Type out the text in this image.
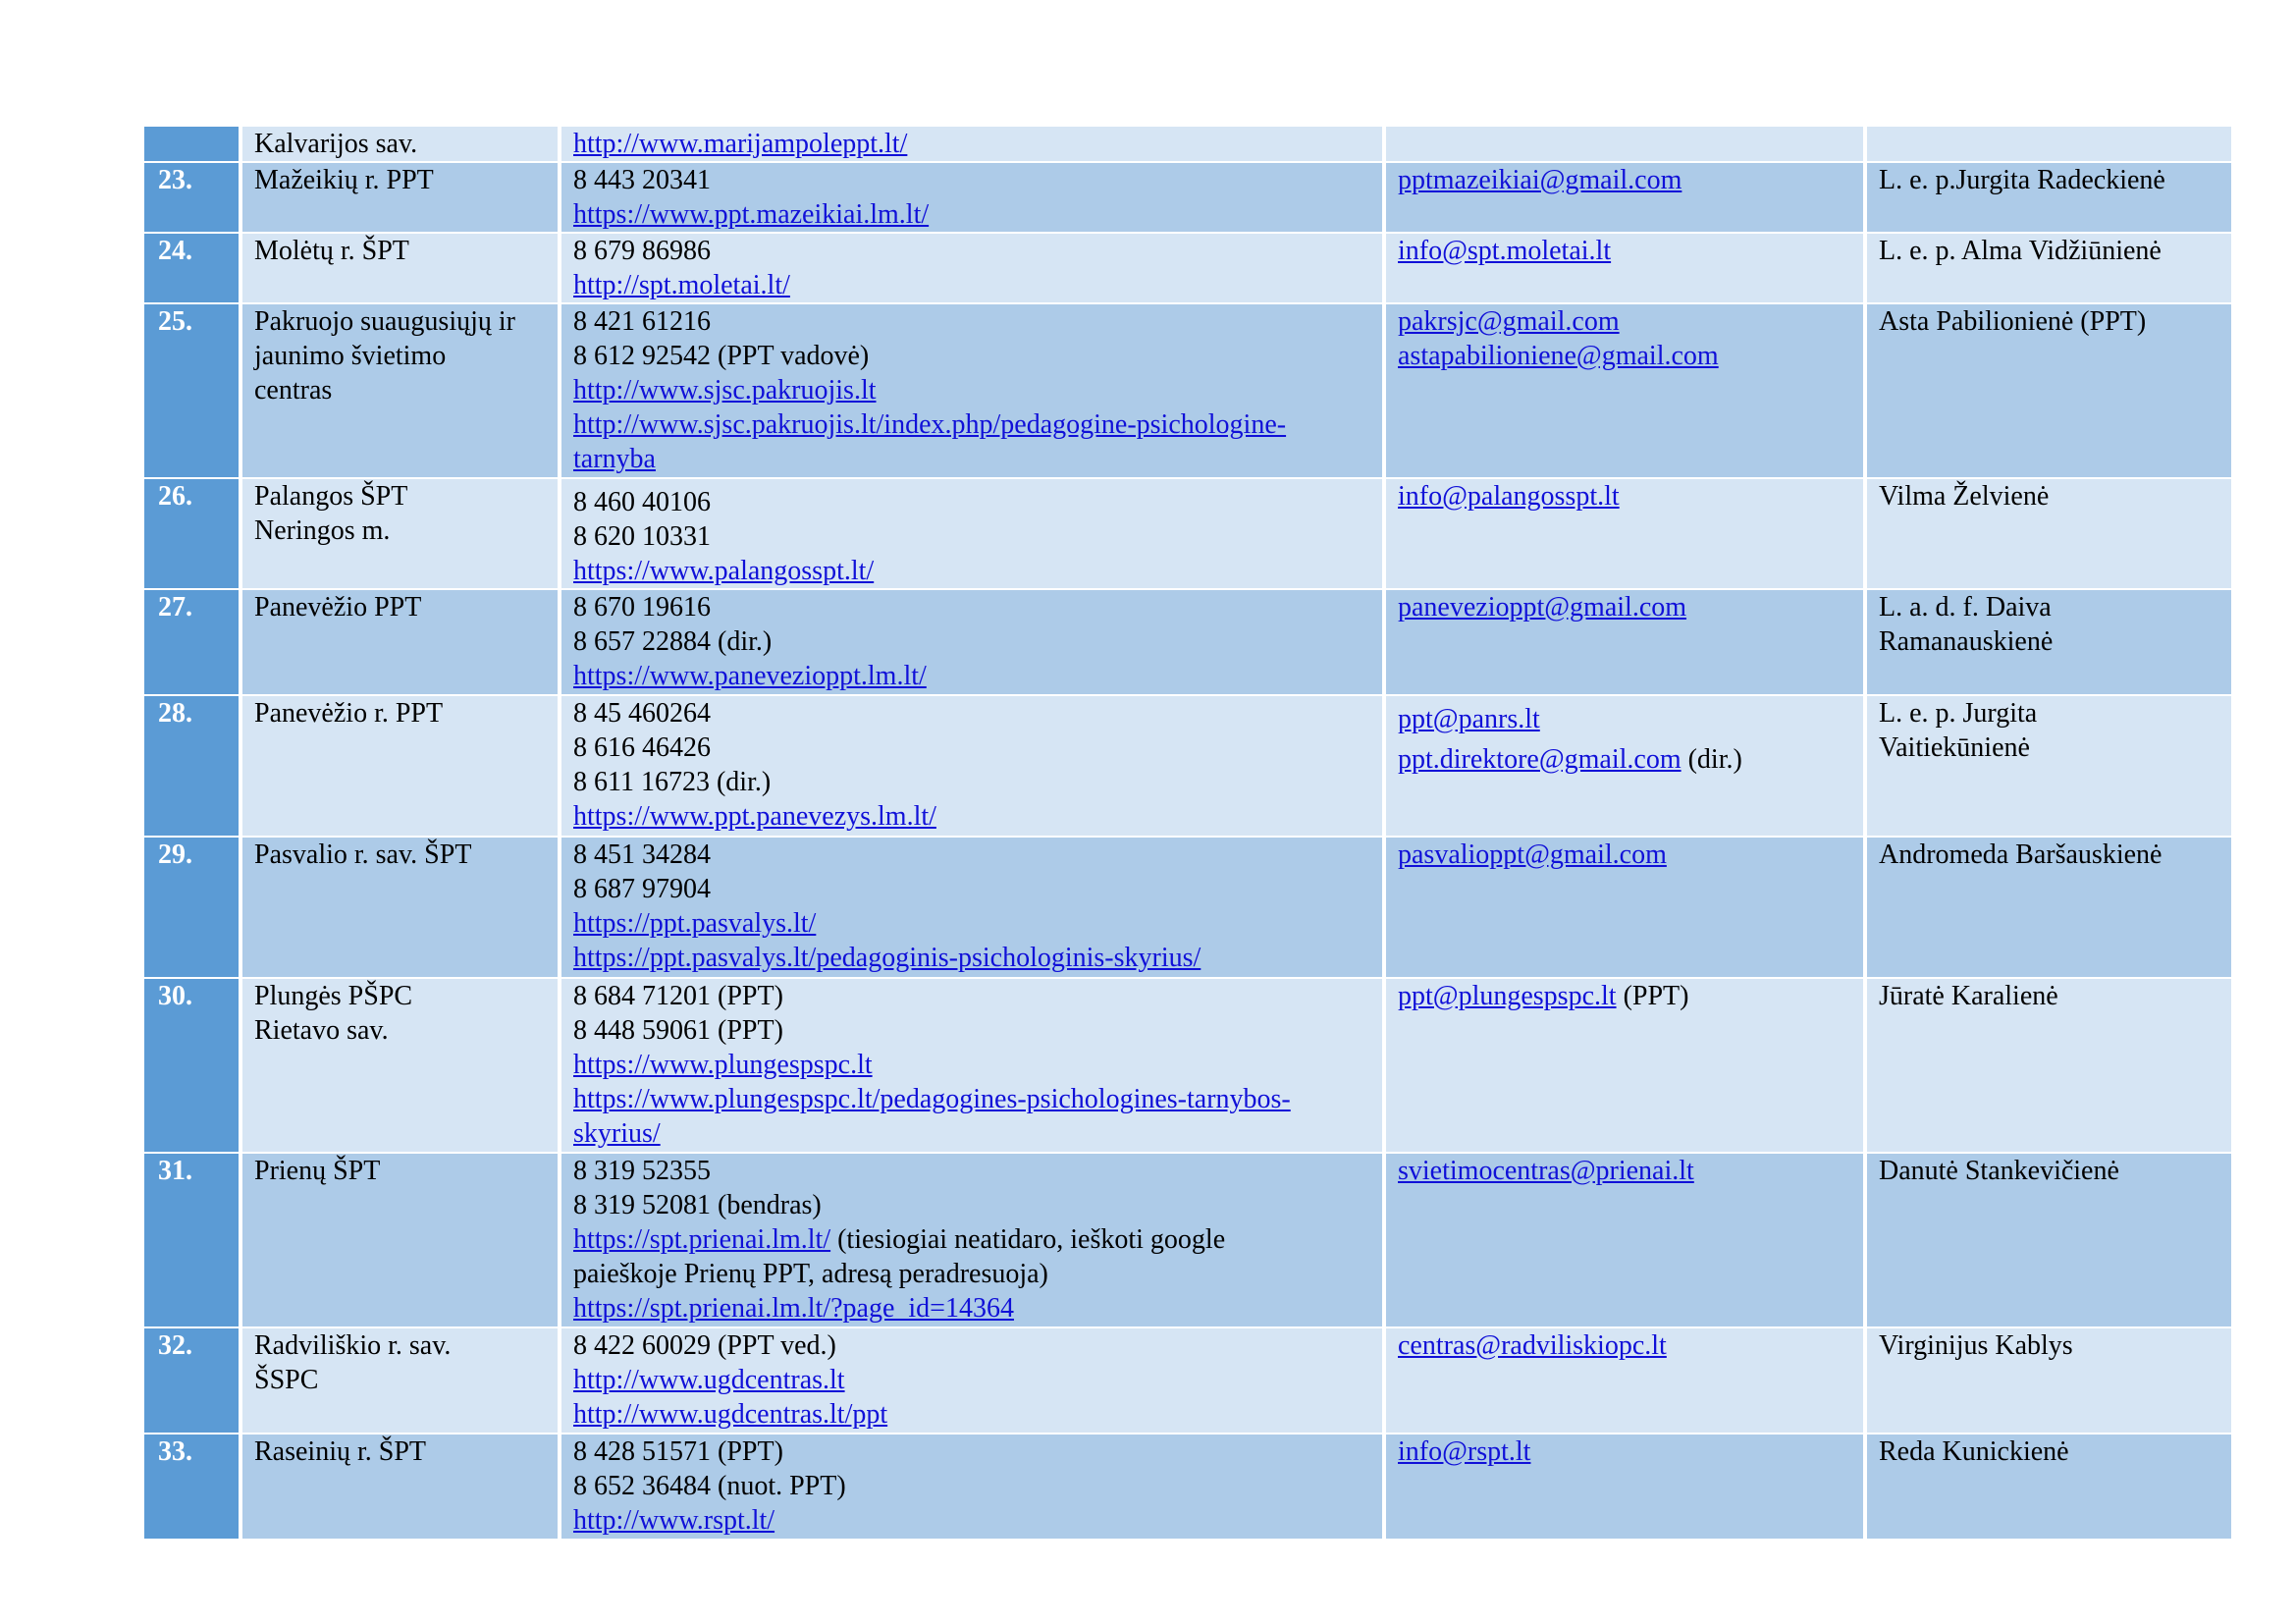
	Kalvarijos sav.	http://www.marijampoleppt.lt/		

23.	Mažeikių r. PPT	8 443 20341
https://www.ppt.mazeikiai.lm.lt/	pptmazeikiai@gmail.com	L. e. p.Jurgita Radeckienė

24.	Molėtų r. ŠPT	8 679 86986
http://spt.moletai.lt/	info@spt.moletai.lt	L. e. p. Alma Vidžiūnienė

25.	Pakruojo suaugusiųjų ir
jaunimo švietimo
centras	8 421 61216
8 612 92542 (PPT vadovė)
http://www.sjsc.pakruojis.lt
http://www.sjsc.pakruojis.lt/index.php/pedagogine-psichologine-
tarnyba	pakrsjc@gmail.com
astapabilioniene@gmail.com	Asta Pabilionienė (PPT)

26.	Palangos ŠPT
Neringos m.	8 460 40106
8 620 10331
https://www.palangosspt.lt/	info@palangosspt.lt	Vilma Želvienė

27.	Panevėžio PPT	8 670 19616
8 657 22884 (dir.)
https://www.panevezioppt.lm.lt/	panevezioppt@gmail.com	L. a. d. f. Daiva
Ramanauskienė

28.	Panevėžio r. PPT	8 45 460264
8 616 46426
8 611 16723 (dir.)
https://www.ppt.panevezys.lm.lt/	ppt@panrs.lt
ppt.direktore@gmail.com (dir.)	L. e. p. Jurgita
Vaitiekūnienė

29.	Pasvalio r. sav. ŠPT	8 451 34284
8 687 97904
https://ppt.pasvalys.lt/
https://ppt.pasvalys.lt/pedagoginis-psichologinis-skyrius/	pasvalioppt@gmail.com	Andromeda Baršauskienė

30.	Plungės PŠPC
Rietavo sav.	8 684 71201 (PPT)
8 448 59061 (PPT)
https://www.plungespspc.lt
https://www.plungespspc.lt/pedagogines-psichologines-tarnybos-
skyrius/	ppt@plungespspc.lt (PPT)	Jūratė Karalienė

31.	Prienų ŠPT	8 319 52355
8 319 52081 (bendras)
https://spt.prienai.lm.lt/ (tiesiogiai neatidaro, ieškoti google
paieškoje Prienų PPT, adresą peradresuoja)
https://spt.prienai.lm.lt/?page_id=14364	svietimocentras@prienai.lt	Danutė Stankevičienė

32.	Radviliškio r. sav.
ŠSPC	8 422 60029 (PPT ved.)
http://www.ugdcentras.lt
http://www.ugdcentras.lt/ppt	centras@radviliskiopc.lt	Virginijus Kablys

33.	Raseinių r. ŠPT	8 428 51571 (PPT)
8 652 36484 (nuot. PPT)
http://www.rspt.lt/	info@rspt.lt	Reda Kunickienė
